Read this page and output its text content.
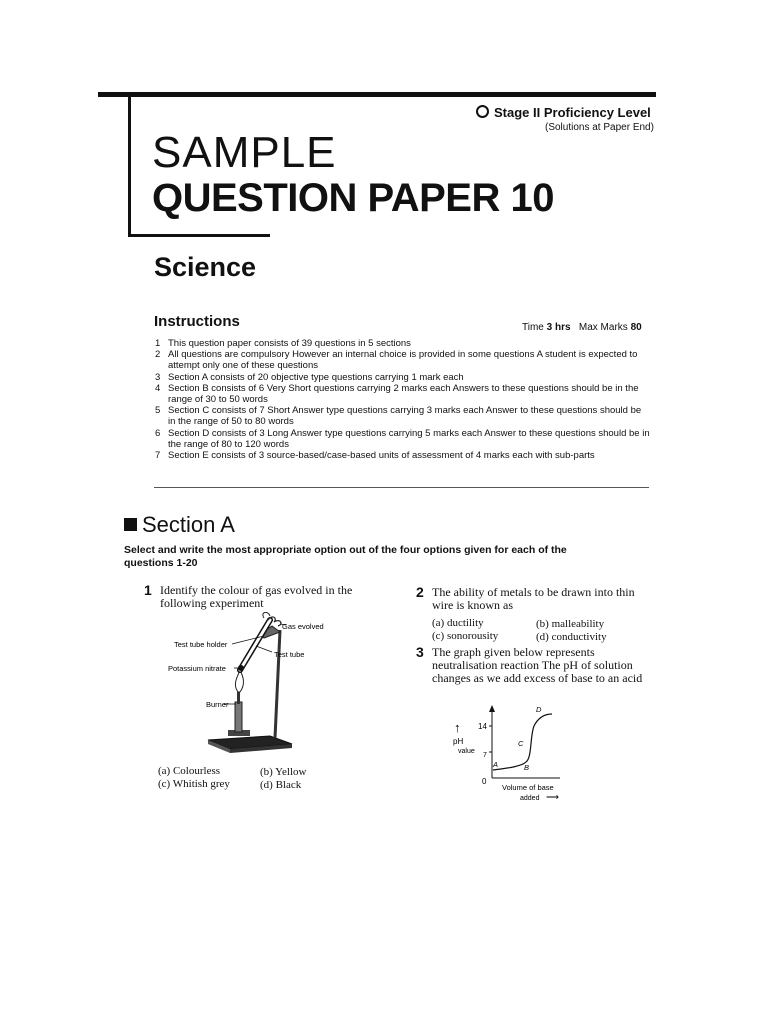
Stage II Proficiency Level
(Solutions at Paper End)
SAMPLE
QUESTION PAPER 10
Science
Instructions	Time 3 hrs Max Marks 80
1 This question paper consists of 39 questions in 5 sections
2 All questions are compulsory However an internal choice is provided in some questions A student is expected to attempt only one of these questions
3 Section A consists of 20 objective type questions carrying 1 mark each
4 Section B consists of 6 Very Short questions carrying 2 marks each Answers to these questions should be in the range of 30 to 50 words
5 Section C consists of 7 Short Answer type questions carrying 3 marks each Answer to these questions should be in the range of 50 to 80 words
6 Section D consists of 3 Long Answer type questions carrying 5 marks each Answer to these questions should be in the range of 80 to 120 words
7 Section E consists of 3 source-based/case-based units of assessment of 4 marks each with sub-parts
Section A
Select and write the most appropriate option out of the four options given for each of the questions 1-20
1 Identify the colour of gas evolved in the following experiment
Gas evolved
Test tube holder
Test tube
Potassium nitrate
Burner
(a) Colourless	(b) Yellow
(c) Whitish grey	(d) Black
2 The ability of metals to be drawn into thin wire is known as
(a) ductility	(b) malleability
(c) sonorousity	(d) conductivity
3 The graph given below represents neutralisation reaction The pH of solution changes as we add excess of base to an acid
↑ 14
pH
value
7
0
A	B
C
D
Volume of base
added ⟶
